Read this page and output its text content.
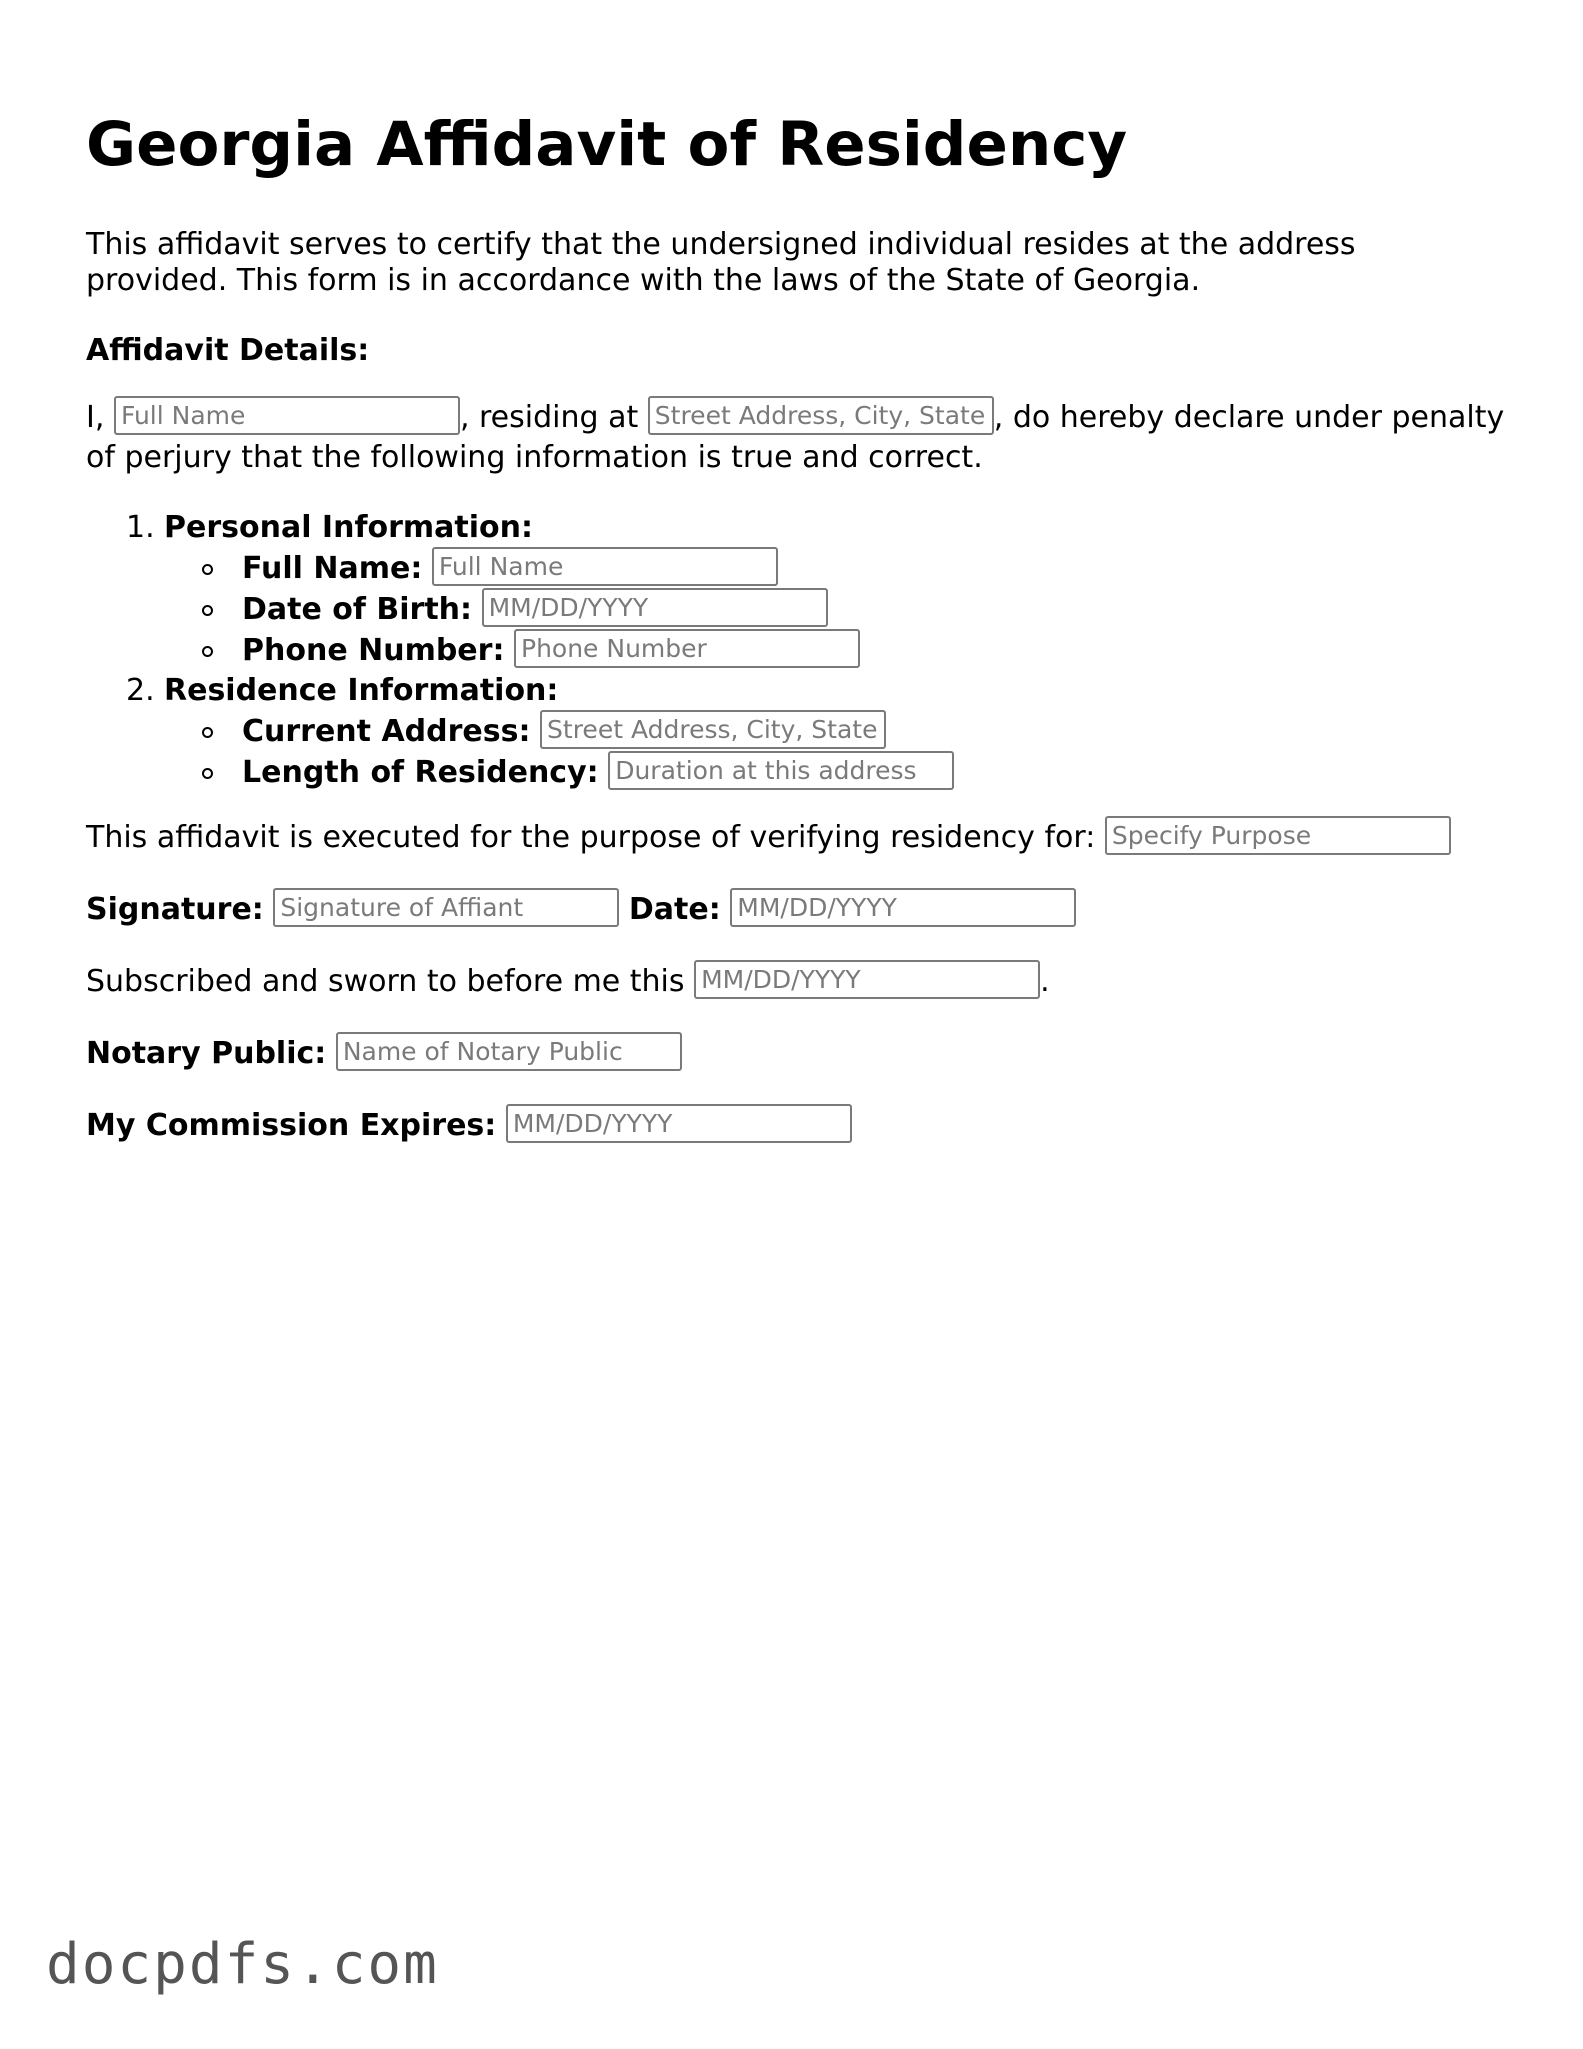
Georgia Affidavit of Residency

This affidavit serves to certify that the undersigned individual resides at the address provided. This form is in accordance with the laws of the State of Georgia.

Affidavit Details:

I, Full Name	, residing at Street Address, City, State , do hereby declare under penalty of perjury that the following information is true and correct.

1. Personal Information:
Full Name: Full Name
Date of Birth: MM/DD/YYYY
Phone Number: Phone Number
2. Residence Information:
Current Address: Street Address, City, State
Length of Residency: Duration at this address
This affidavit is executed for the purpose of verifying residency for: Specify Purpose
Signature: Signature of Affiant	Date: MM/DD/YYYY
Subscribed and sworn to before me this MM/DD/YYYY	.
Notary Public: Name of Notary Public
My Commission Expires: MM/DD/YYYY
docpdfs.com
